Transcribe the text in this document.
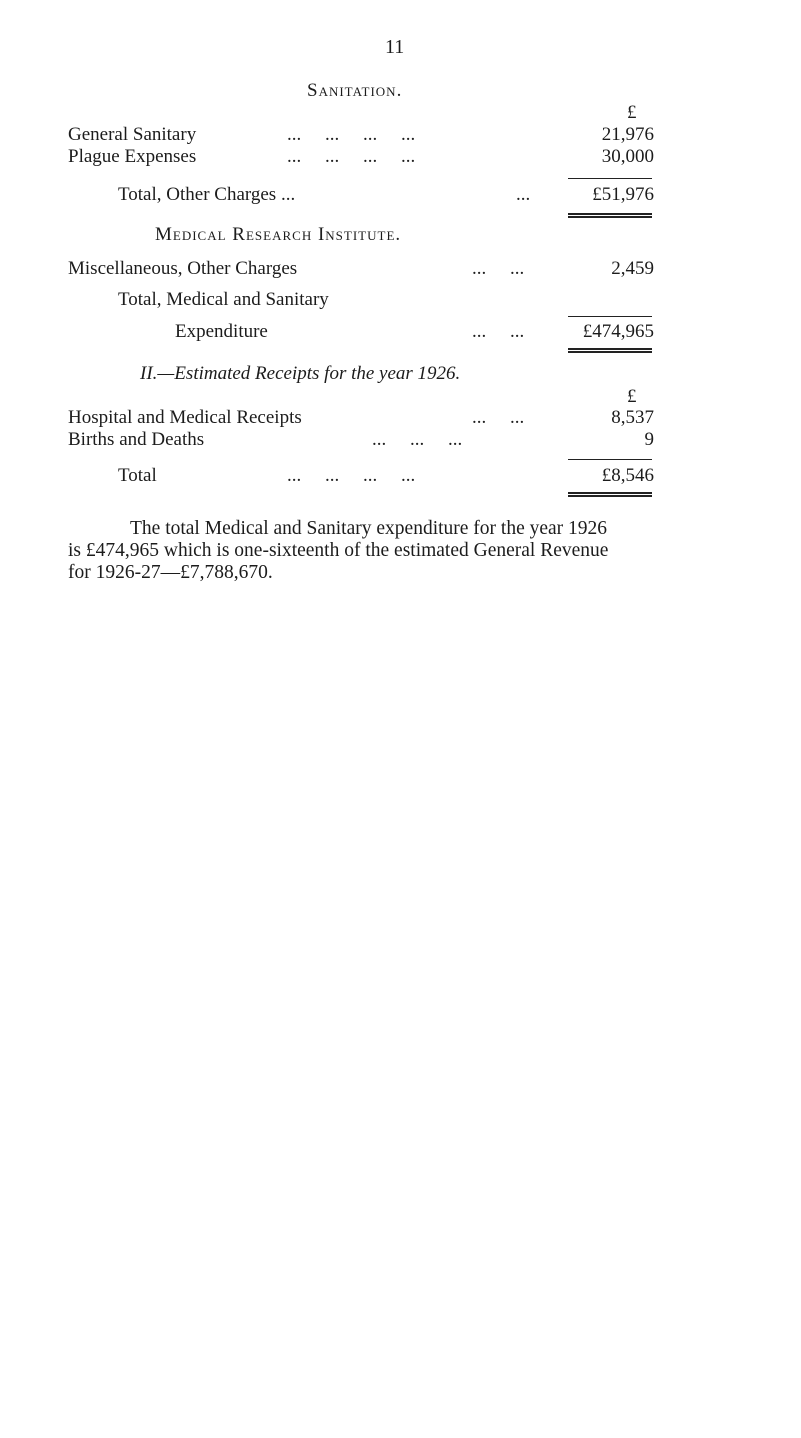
11
Sanitation.
£
General Sanitary	...     ...     ...     ...	21,976
Plague Expenses	...     ...     ...     ...	30,000
Total, Other Charges ...	...	£51,976
Medical Research Institute.
Miscellaneous, Other Charges	...     ...	2,459
Total, Medical and Sanitary
Expenditure	...     ...	£474,965
II.—Estimated Receipts for the year 1926.
£
Hospital and Medical Receipts	...     ...	8,537
Births and Deaths	...     ...     ...	9
Total	...     ...     ...     ...	£8,546
The total Medical and Sanitary expenditure for the year 1926
is £474,965 which is one-sixteenth of the estimated General Revenue
for 1926-27—£7,788,670.
